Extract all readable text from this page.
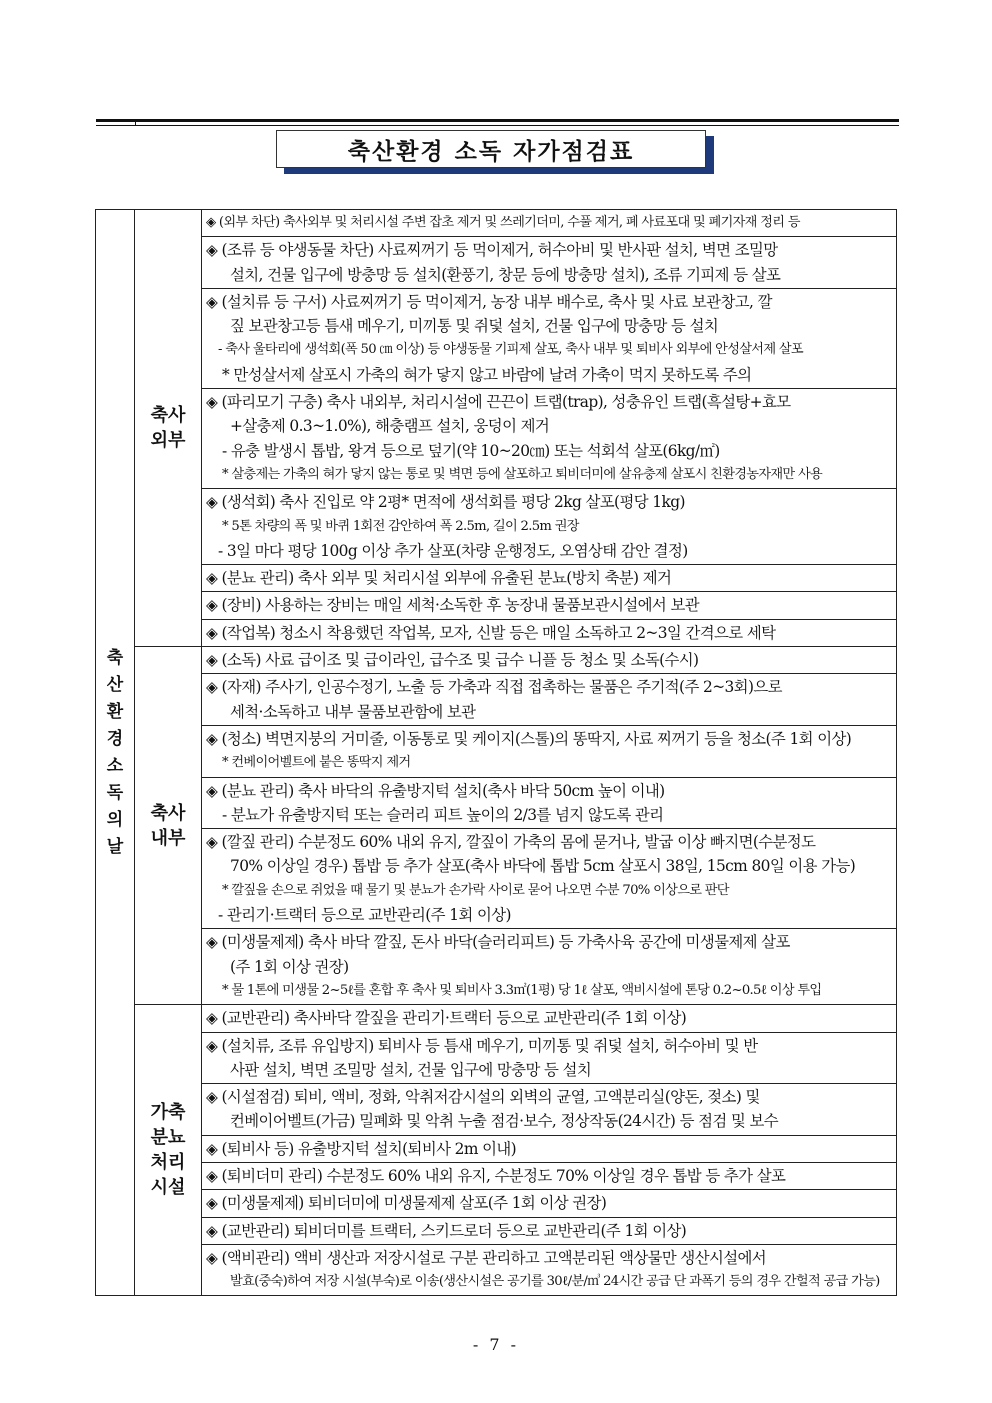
축산환경 소독 자가점검표
축산환경 소독의날	축사 외부	◈ (외부 차단) 축사외부 및 처리시설 주변 잡초 제거 및 쓰레기더미, 수풀 제거, 폐 사료포대 및 폐기자재 정리 등

		◈ (조류 등 야생동물 차단) 사료찌꺼기 등 먹이제거, 허수아비 및 반사판 설치, 벽면 조밀망
설치, 건물 입구에 방충망 등 설치(환풍기, 창문 등에 방충망 설치), 조류 기피제 등 살포

		◈ (설치류 등 구서) 사료찌꺼기 등 먹이제거, 농장 내부 배수로, 축사 및 사료 보관창고, 깔
짚 보관창고등 틈새 메우기, 미끼통 및 쥐덫 설치, 건물 입구에 망충망 등 설치
- 축사 울타리에 생석회(폭 50 ㎝ 이상) 등 야생동물 기피제 살포, 축사 내부 및 퇴비사 외부에 안성살서제 살포
* 만성살서제 살포시 가축의 혀가 닿지 않고 바람에 날려 가축이 먹지 못하도록 주의

		◈ (파리모기 구충) 축사 내외부, 처리시설에 끈끈이 트랩(trap), 성충유인 트랩(흑설탕+효모
+살충제 0.3~1.0%), 해충램프 설치, 웅덩이 제거
- 유충 발생시 톱밥, 왕겨 등으로 덮기(약 10~20㎝) 또는 석회석 살포(6kg/㎡)
* 살충제는 가축의 혀가 닿지 않는 통로 및 벽면 등에 살포하고 퇴비더미에 살유충제 살포시 친환경농자재만 사용

		◈ (생석회) 축사 진입로 약 2평* 면적에 생석회를 평당 2kg 살포(평당 1kg)
* 5톤 차량의 폭 및 바퀴 1회전 감안하여 폭 2.5m, 길이 2.5m 권장
- 3일 마다 평당 100g 이상 추가 살포(차량 운행정도, 오염상태 감안 결정)

		◈ (분뇨 관리) 축사 외부 및 처리시설 외부에 유출된 분뇨(방치 축분) 제거

		◈ (장비) 사용하는 장비는 매일 세척·소독한 후 농장내 물품보관시설에서 보관

		◈ (작업복) 청소시 착용했던 작업복, 모자, 신발 등은 매일 소독하고 2~3일 간격으로 세탁

	축사 내부	◈ (소독) 사료 급이조 및 급이라인, 급수조 및 급수 니플 등 청소 및 소독(수시)

		◈ (자재) 주사기, 인공수정기, 노출 등 가축과 직접 접촉하는 물품은 주기적(주 2~3회)으로
세척·소독하고 내부 물품보관함에 보관

		◈ (청소) 벽면지붕의 거미줄, 이동통로 및 케이지(스톨)의 똥딱지, 사료 찌꺼기 등을 청소(주 1회 이상)
* 컨베이어벨트에 붙은 똥딱지 제거

		◈ (분뇨 관리) 축사 바닥의 유출방지턱 설치(축사 바닥 50cm 높이 이내)
- 분뇨가 유출방지턱 또는 슬러리 피트 높이의 2/3를 넘지 않도록 관리

		◈ (깔짚 관리) 수분정도 60% 내외 유지, 깔짚이 가축의 몸에 묻거나, 발굽 이상 빠지면(수분정도
70% 이상일 경우) 톱밥 등 추가 살포(축사 바닥에 톱밥 5cm 살포시 38일, 15cm 80일 이용 가능)
* 깔짚을 손으로 쥐었을 때 물기 및 분뇨가 손가락 사이로 묻어 나오면 수분 70% 이상으로 판단
- 관리기·트랙터 등으로 교반관리(주 1회 이상)

		◈ (미생물제제) 축사 바닥 깔짚, 돈사 바닥(슬러리피트) 등 가축사육 공간에 미생물제제 살포
(주 1회 이상 권장)
* 물 1톤에 미생물 2~5ℓ를 혼합 후 축사 및 퇴비사 3.3㎡(1평) 당 1ℓ 살포, 액비시설에 톤당 0.2~0.5ℓ 이상 투입

	가축 분뇨 처리 시설	◈ (교반관리) 축사바닥 깔짚을 관리기·트랙터 등으로 교반관리(주 1회 이상)

		◈ (설치류, 조류 유입방지) 퇴비사 등 틈새 메우기, 미끼통 및 쥐덫 설치, 허수아비 및 반
사판 설치, 벽면 조밀망 설치, 건물 입구에 망충망 등 설치

		◈ (시설점검) 퇴비, 액비, 정화, 악취저감시설의 외벽의 균열, 고액분리실(양돈, 젖소) 및
컨베이어벨트(가금) 밀폐화 및 악취 누출 점검·보수, 정상작동(24시간) 등 점검 및 보수

		◈ (퇴비사 등) 유출방지턱 설치(퇴비사 2m 이내)

		◈ (퇴비더미 관리) 수분정도 60% 내외 유지, 수분정도 70% 이상일 경우 톱밥 등 추가 살포

		◈ (미생물제제) 퇴비더미에 미생물제제 살포(주 1회 이상 권장)

		◈ (교반관리) 퇴비더미를 트랙터, 스키드로더 등으로 교반관리(주 1회 이상)

		◈ (액비관리) 액비 생산과 저장시설로 구분 관리하고 고액분리된 액상물만 생산시설에서
발효(중숙)하여 저장 시설(부숙)로 이송(생산시설은 공기를 30ℓ/분/㎥ 24시간 공급 단 과폭기 등의 경우 간헐적 공급 가능)
- 7 -
